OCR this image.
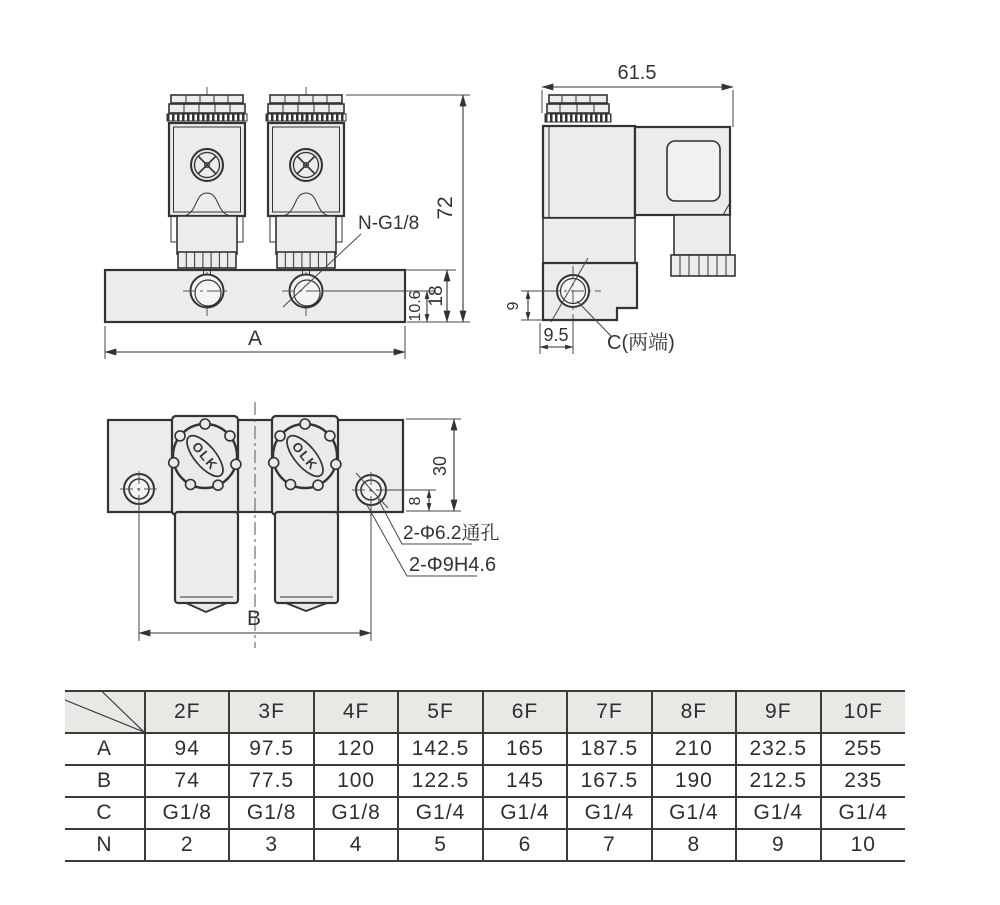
72
18
10.6
A
N-G1/8
61.5
9
9.5 C(两端)
OLK	OLK	30
8
B
2-Φ6.2通孔
2-Φ9H4.6
	2F	3F	4F	5F	6F	7F	8F	9F	10F
A	94	97.5	120	142.5	165	187.5	210	232.5	255
B	74	77.5	100	122.5	145	167.5	190	212.5	235
C	G1/8	G1/8	G1/8	G1/4	G1/4	G1/4	G1/4	G1/4	G1/4
N	2	3	4	5	6	7	8	9	10
